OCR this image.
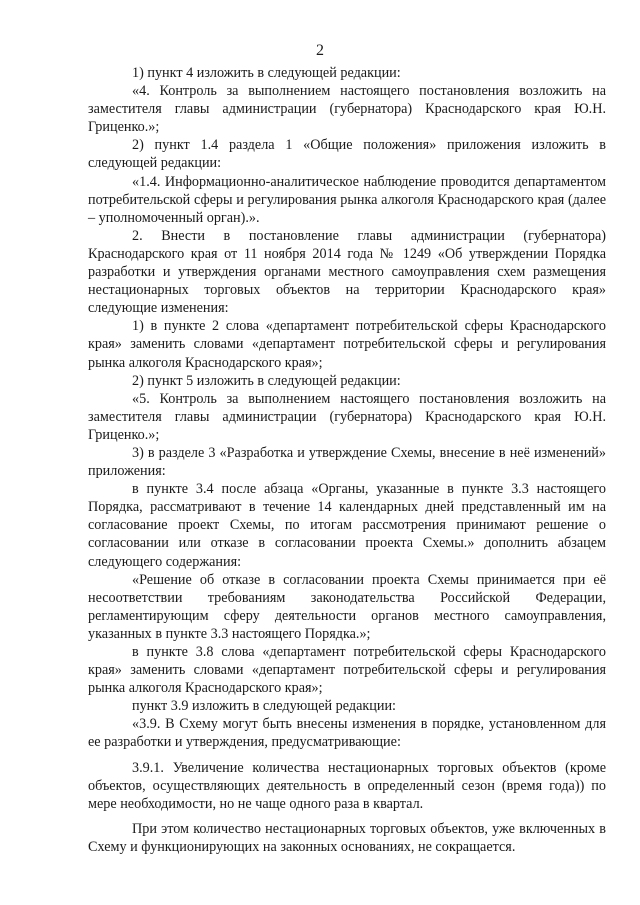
2

1) пункт 4 изложить в следующей редакции:

«4. Контроль за выполнением настоящего постановления возложить на заместителя главы администрации (губернатора) Краснодарского края Ю.Н. Гриценко.»;

2) пункт 1.4 раздела 1 «Общие положения» приложения изложить в следующей редакции:

«1.4. Информационно-аналитическое наблюдение проводится департаментом потребительской сферы и регулирования рынка алкоголя Краснодарского края (далее – уполномоченный орган).».

2. Внести в постановление главы администрации (губернатора) Краснодарского края от 11 ноября 2014 года № 1249 «Об утверждении Порядка разработки и утверждения органами местного самоуправления схем размещения нестационарных торговых объектов на территории Краснодарского края» следующие изменения:

1) в пункте 2 слова «департамент потребительской сферы Краснодарского края» заменить словами «департамент потребительской сферы и регулирования рынка алкоголя Краснодарского края»;

2) пункт 5 изложить в следующей редакции:

«5. Контроль за выполнением настоящего постановления возложить на заместителя главы администрации (губернатора) Краснодарского края Ю.Н. Гриценко.»;

3) в разделе 3 «Разработка и утверждение Схемы, внесение в неё изменений» приложения:

в пункте 3.4 после абзаца «Органы, указанные в пункте 3.3 настоящего Порядка, рассматривают в течение 14 календарных дней представленный им на согласование проект Схемы, по итогам рассмотрения принимают решение о согласовании или отказе в согласовании проекта Схемы.» дополнить абзацем следующего содержания:

«Решение об отказе в согласовании проекта Схемы принимается при её несоответствии требованиям законодательства Российской Федерации, регламентирующим сферу деятельности органов местного самоуправления, указанных в пункте 3.3 настоящего Порядка.»;

в пункте 3.8 слова «департамент потребительской сферы Краснодарского края» заменить словами «департамент потребительской сферы и регулирования рынка алкоголя Краснодарского края»;

пункт 3.9 изложить в следующей редакции:

«3.9. В Схему могут быть внесены изменения в порядке, установленном для ее разработки и утверждения, предусматривающие:

3.9.1. Увеличение количества нестационарных торговых объектов (кроме объектов, осуществляющих деятельность в определенный сезон (время года)) по мере необходимости, но не чаще одного раза в квартал.

При этом количество нестационарных торговых объектов, уже включенных в Схему и функционирующих на законных основаниях, не сокращается.
